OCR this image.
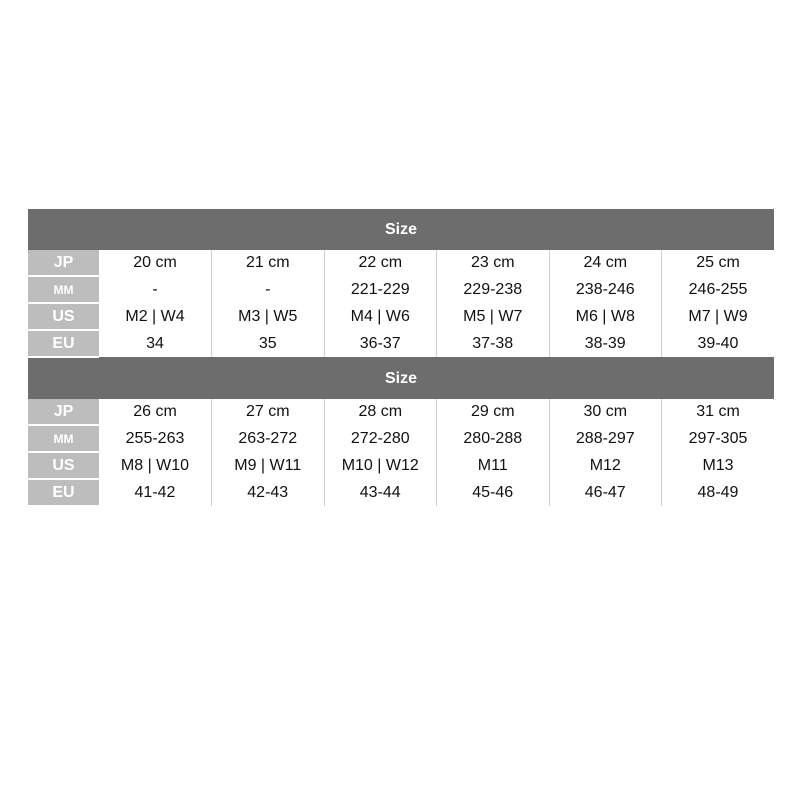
Size						
JP	20 cm	21 cm	22 cm	23 cm	24 cm	25 cm
MM	-	-	221-229	229-238	238-246	246-255
US	M2 | W4	M3 | W5	M4 | W6	M5 | W7	M6 | W8	M7 | W9
EU	34	35	36-37	37-38	38-39	39-40
Size						
JP	26 cm	27 cm	28 cm	29 cm	30 cm	31 cm
MM	255-263	263-272	272-280	280-288	288-297	297-305
US	M8 | W10	M9 | W11	M10 | W12	M11	M12	M13
EU	41-42	42-43	43-44	45-46	46-47	48-49
